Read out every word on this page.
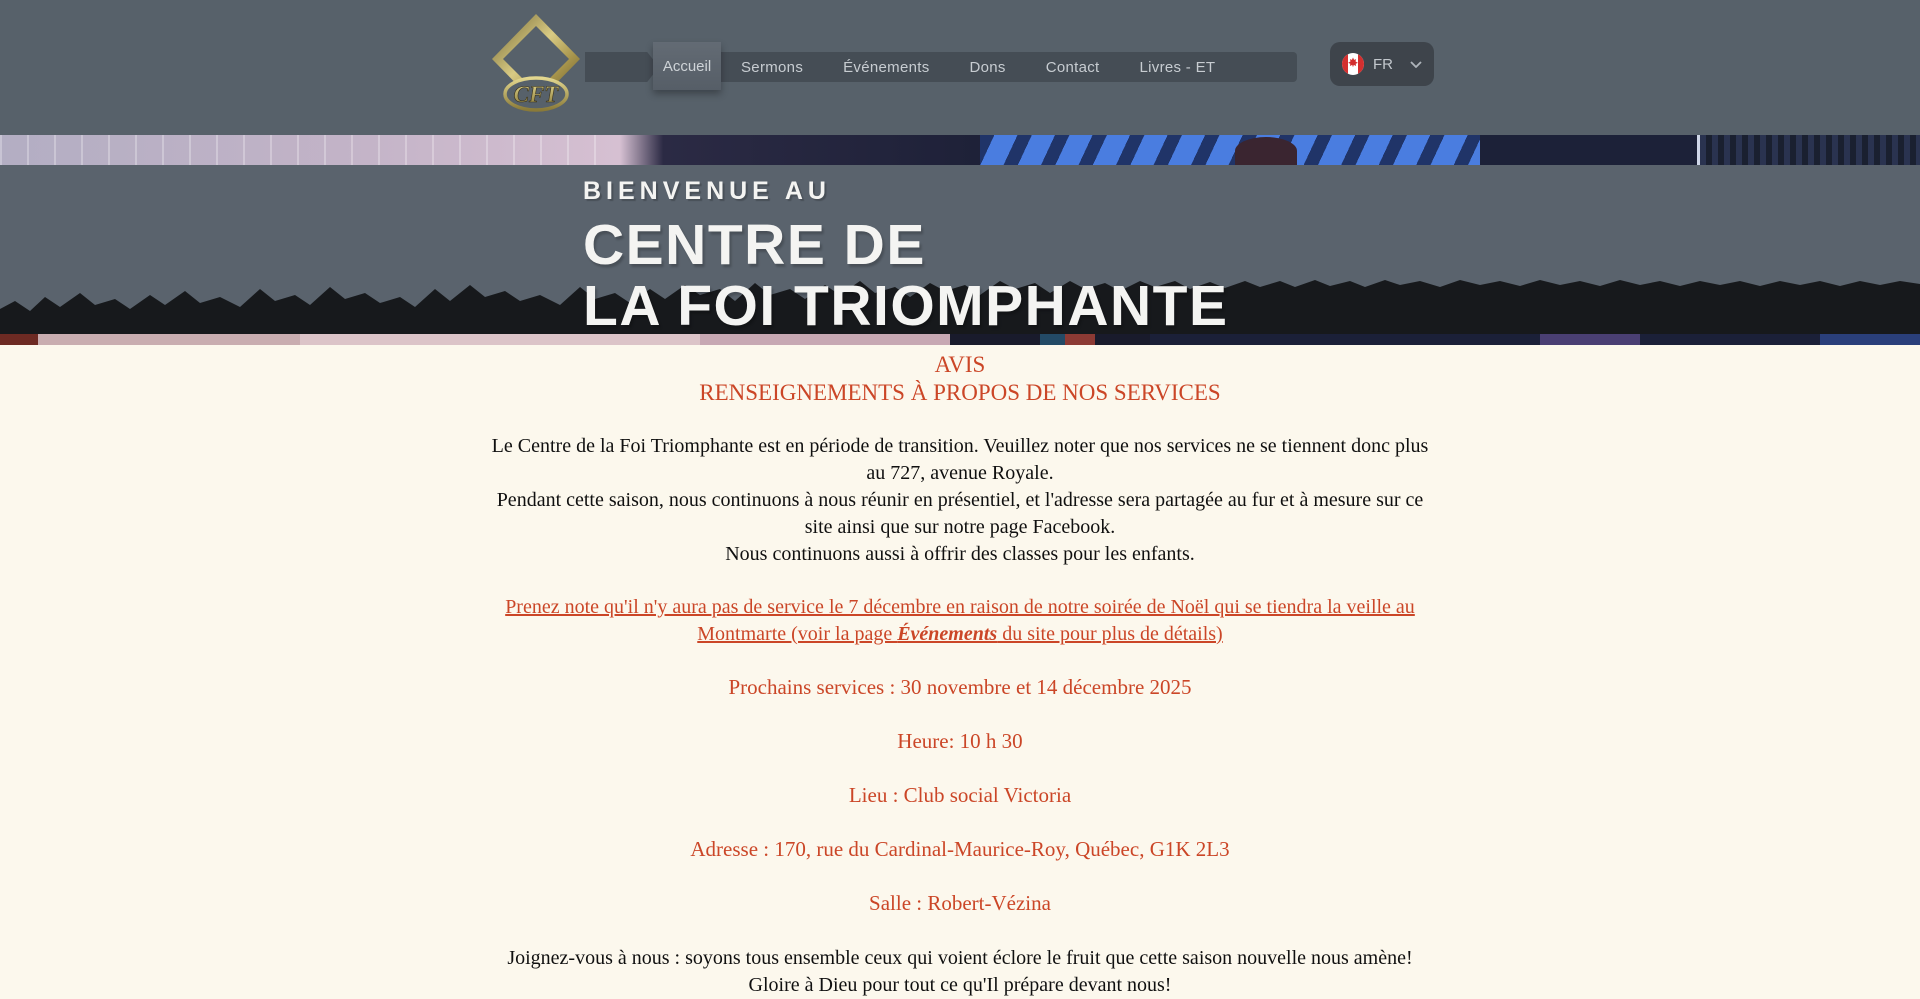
CFT
Sermons	Événements	Dons	Contact	Livres - ET
Accueil	FR
BIENVENUE AU
CENTRE DE
LA FOI TRIOMPHANTE
AVIS
RENSEIGNEMENTS À PROPOS DE NOS SERVICES
Le Centre de la Foi Triomphante est en période de transition. Veuillez noter que nos services ne se tiennent donc plus au 727, avenue Royale.
Pendant cette saison, nous continuons à nous réunir en présentiel, et l'adresse sera partagée au fur et à mesure sur ce site ainsi que sur notre page Facebook.
Nous continuons aussi à offrir des classes pour les enfants.
Prenez note qu'il n'y aura pas de service le 7 décembre en raison de notre soirée de Noël qui se tiendra la veille au Montmarte (voir la page Événements du site pour plus de détails)
Prochains services : 30 novembre et 14 décembre 2025
Heure: 10 h 30
Lieu : Club social Victoria
Adresse : 170, rue du Cardinal-Maurice-Roy, Québec, G1K 2L3
Salle : Robert-Vézina
Joignez-vous à nous : soyons tous ensemble ceux qui voient éclore le fruit que cette saison nouvelle nous amène! Gloire à Dieu pour tout ce qu'Il prépare devant nous!
